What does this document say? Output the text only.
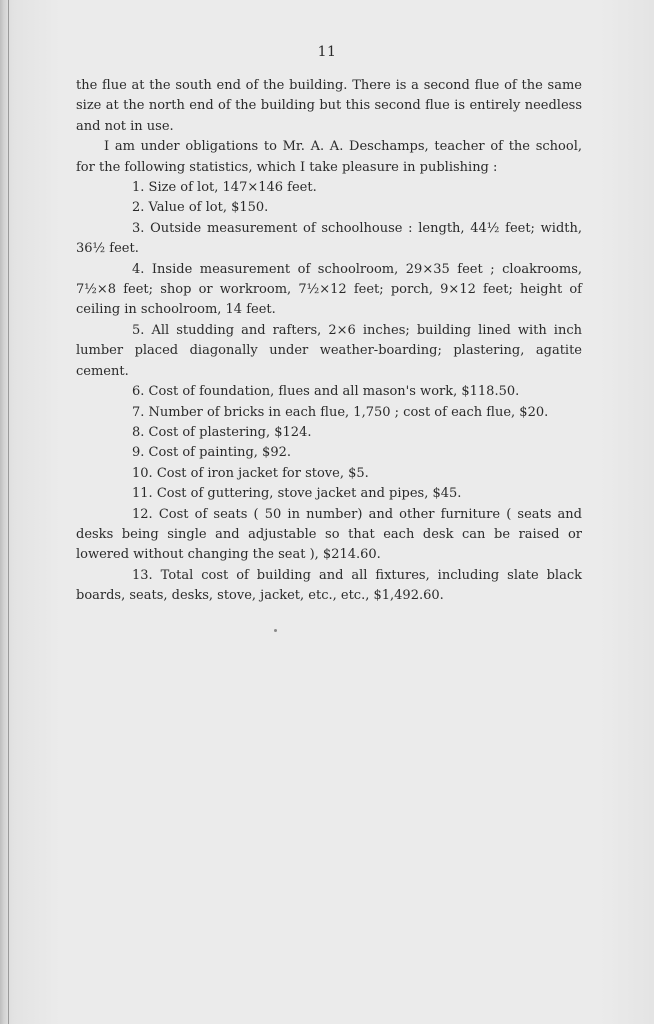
11

the flue at the south end of the building. There is a second flue of the same size at the north end of the building but this second flue is entirely needless and not in use.

I am under obligations to Mr. A. A. Deschamps, teacher of the school, for the following statistics, which I take pleasure in publishing :

1. Size of lot, 147×146 feet.

2. Value of lot, $150.

3. Outside measurement of schoolhouse : length, 44½ feet; width, 36½ feet.

4. Inside measurement of schoolroom, 29×35 feet ; cloakrooms, 7½×8 feet; shop or workroom, 7½×12 feet; porch, 9×12 feet; height of ceiling in schoolroom, 14 feet.

5. All studding and rafters, 2×6 inches; building lined with inch lumber placed diagonally under weather-boarding; plastering, agatite cement.

6. Cost of foundation, flues and all mason's work, $118.50.

7. Number of bricks in each flue, 1,750 ; cost of each flue, $20.

8. Cost of plastering, $124.

9. Cost of painting, $92.

10. Cost of iron jacket for stove, $5.

11. Cost of guttering, stove jacket and pipes, $45.

12. Cost of seats ( 50 in number) and other furniture ( seats and desks being single and adjustable so that each desk can be raised or lowered without changing the seat ), $214.60.

13. Total cost of building and all fixtures, including slate black boards, seats, desks, stove, jacket, etc., etc., $1,492.60.
